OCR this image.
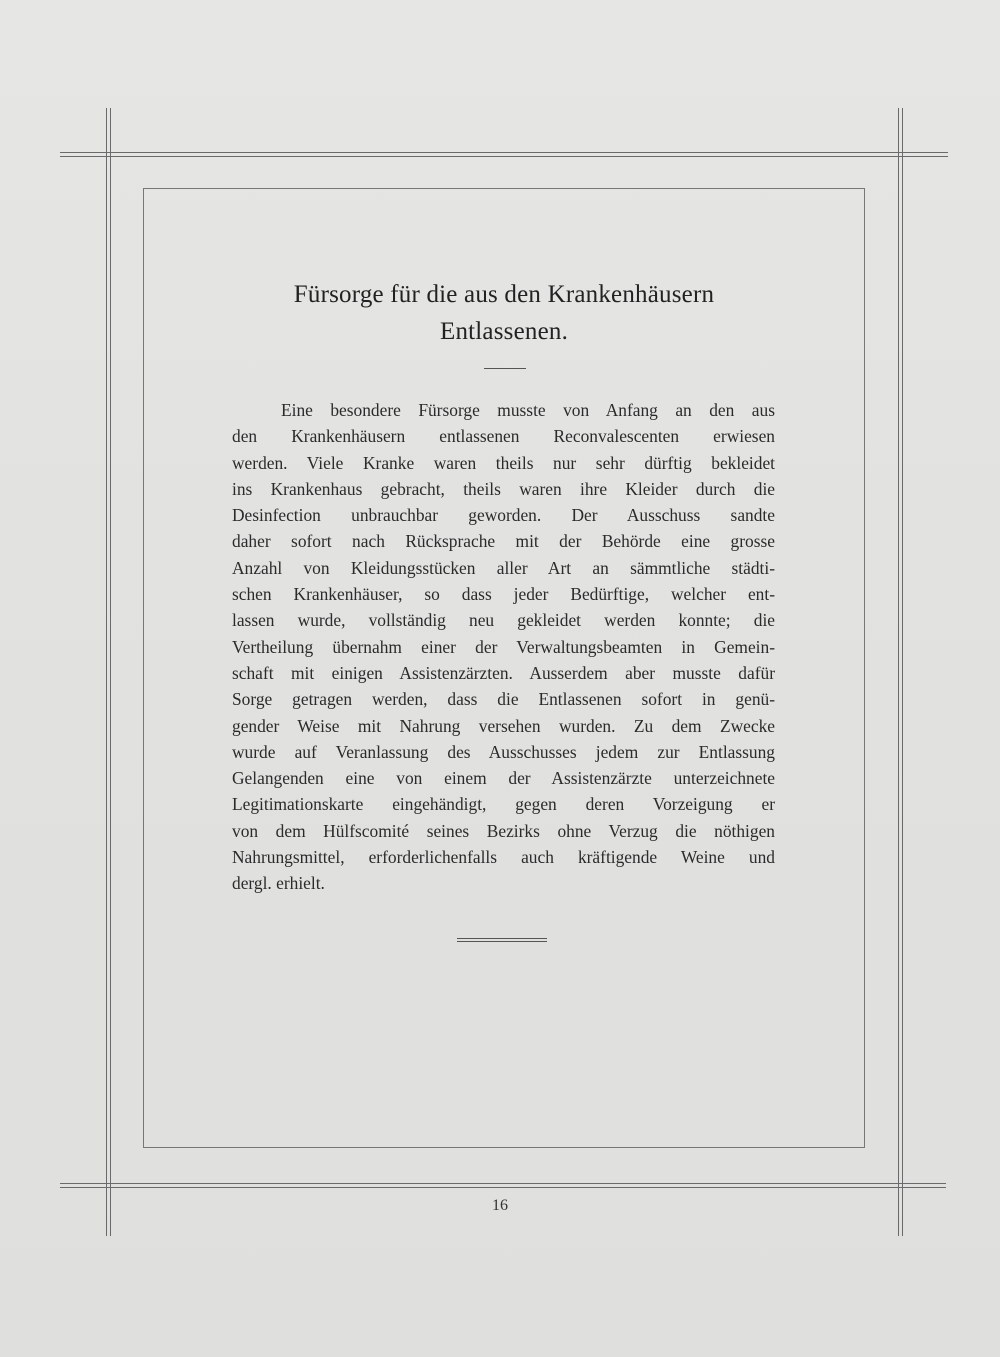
Fürsorge für die aus den Krankenhäusern
Entlassenen.
Eine besondere Fürsorge musste von Anfang an den aus
den Krankenhäusern entlassenen Reconvalescenten erwiesen
werden. Viele Kranke waren theils nur sehr dürftig bekleidet
ins Krankenhaus gebracht, theils waren ihre Kleider durch die
Desinfection unbrauchbar geworden. Der Ausschuss sandte
daher sofort nach Rücksprache mit der Behörde eine grosse
Anzahl von Kleidungsstücken aller Art an sämmtliche städti-
schen Krankenhäuser, so dass jeder Bedürftige, welcher ent-
lassen wurde, vollständig neu gekleidet werden konnte; die
Vertheilung übernahm einer der Verwaltungsbeamten in Gemein-
schaft mit einigen Assistenzärzten. Ausserdem aber musste dafür
Sorge getragen werden, dass die Entlassenen sofort in genü-
gender Weise mit Nahrung versehen wurden. Zu dem Zwecke
wurde auf Veranlassung des Ausschusses jedem zur Entlassung
Gelangenden eine von einem der Assistenzärzte unterzeichnete
Legitimationskarte eingehändigt, gegen deren Vorzeigung er
von dem Hülfscomité seines Bezirks ohne Verzug die nöthigen
Nahrungsmittel, erforderlichenfalls auch kräftigende Weine und
dergl. erhielt.
16
